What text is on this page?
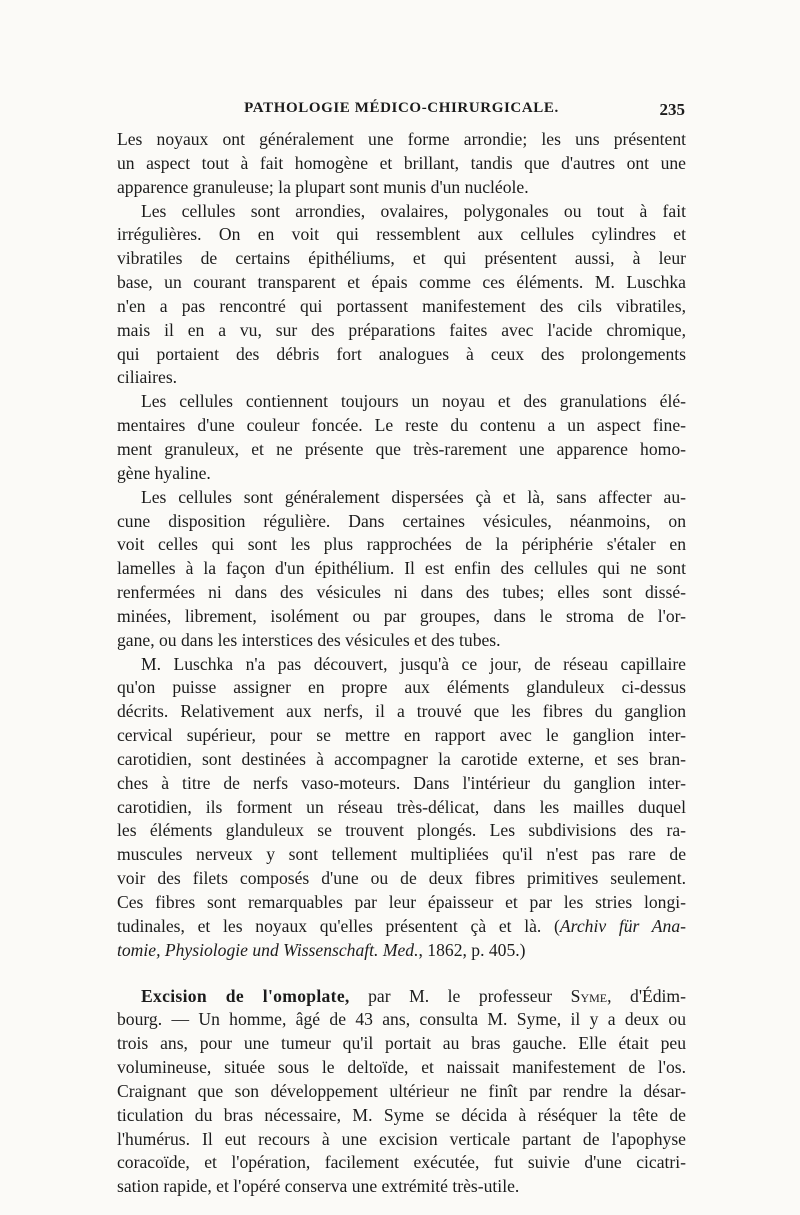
PATHOLOGIE MÉDICO-CHIRURGICALE.	235
Les noyaux ont généralement une forme arrondie; les uns présentent
un aspect tout à fait homogène et brillant, tandis que d'autres ont une
apparence granuleuse; la plupart sont munis d'un nucléole.
Les cellules sont arrondies, ovalaires, polygonales ou tout à fait
irrégulières. On en voit qui ressemblent aux cellules cylindres et
vibratiles de certains épithéliums, et qui présentent aussi, à leur
base, un courant transparent et épais comme ces éléments. M. Luschka
n'en a pas rencontré qui portassent manifestement des cils vibratiles,
mais il en a vu, sur des préparations faites avec l'acide chromique,
qui portaient des débris fort analogues à ceux des prolongements
ciliaires.
Les cellules contiennent toujours un noyau et des granulations élé-
mentaires d'une couleur foncée. Le reste du contenu a un aspect fine-
ment granuleux, et ne présente que très-rarement une apparence homo-
gène hyaline.
Les cellules sont généralement dispersées çà et là, sans affecter au-
cune disposition régulière. Dans certaines vésicules, néanmoins, on
voit celles qui sont les plus rapprochées de la périphérie s'étaler en
lamelles à la façon d'un épithélium. Il est enfin des cellules qui ne sont
renfermées ni dans des vésicules ni dans des tubes; elles sont dissé-
minées, librement, isolément ou par groupes, dans le stroma de l'or-
gane, ou dans les interstices des vésicules et des tubes.
M. Luschka n'a pas découvert, jusqu'à ce jour, de réseau capillaire
qu'on puisse assigner en propre aux éléments glanduleux ci-dessus
décrits. Relativement aux nerfs, il a trouvé que les fibres du ganglion
cervical supérieur, pour se mettre en rapport avec le ganglion inter-
carotidien, sont destinées à accompagner la carotide externe, et ses bran-
ches à titre de nerfs vaso-moteurs. Dans l'intérieur du ganglion inter-
carotidien, ils forment un réseau très-délicat, dans les mailles duquel
les éléments glanduleux se trouvent plongés. Les subdivisions des ra-
muscules nerveux y sont tellement multipliées qu'il n'est pas rare de
voir des filets composés d'une ou de deux fibres primitives seulement.
Ces fibres sont remarquables par leur épaisseur et par les stries longi-
tudinales, et les noyaux qu'elles présentent çà et là. (Archiv für Ana-
tomie, Physiologie und Wissenschaft. Med., 1862, p. 405.)
Excision de l'omoplate, par M. le professeur Syme, d'Édim-
bourg. — Un homme, âgé de 43 ans, consulta M. Syme, il y a deux ou
trois ans, pour une tumeur qu'il portait au bras gauche. Elle était peu
volumineuse, située sous le deltoïde, et naissait manifestement de l'os.
Craignant que son développement ultérieur ne finît par rendre la désar-
ticulation du bras nécessaire, M. Syme se décida à réséquer la tête de
l'humérus. Il eut recours à une excision verticale partant de l'apophyse
coracoïde, et l'opération, facilement exécutée, fut suivie d'une cicatri-
sation rapide, et l'opéré conserva une extrémité très-utile.
